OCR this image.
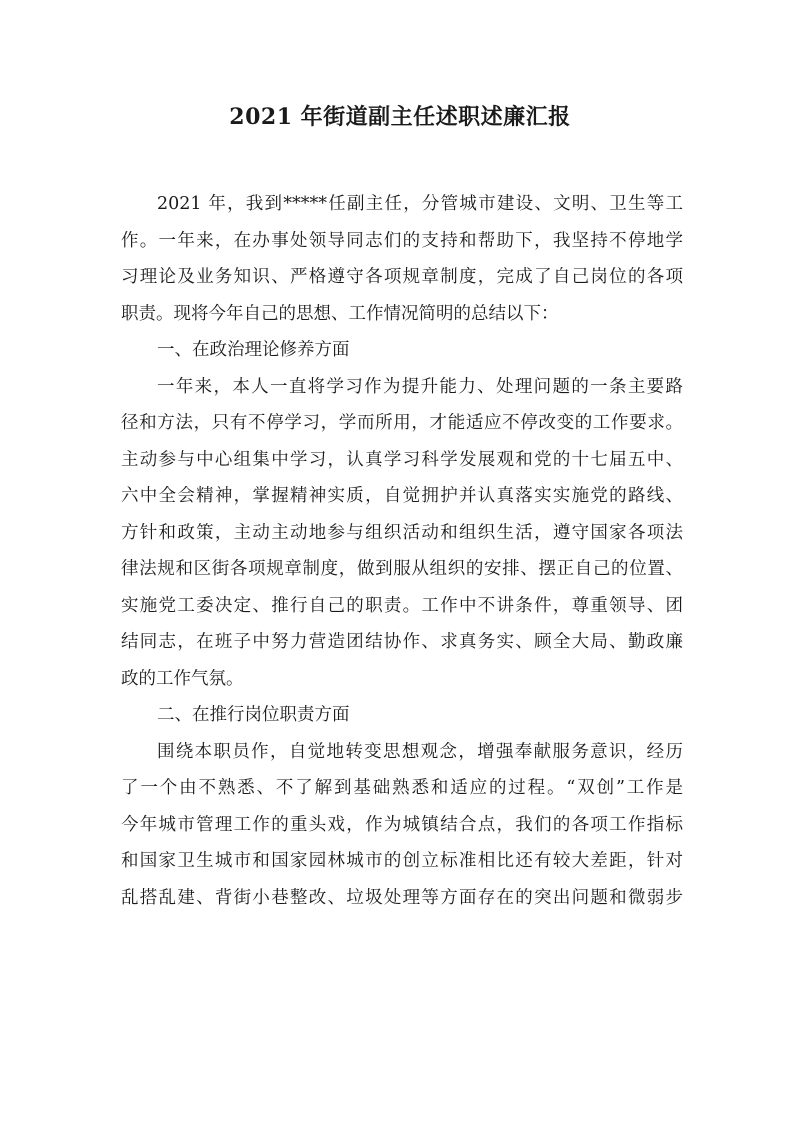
2021 年街道副主任述职述廉汇报
2021 年，我到*****任副主任，分管城市建设、文明、卫生等工
作。一年来，在办事处领导同志们的支持和帮助下，我坚持不停地学
习理论及业务知识、严格遵守各项规章制度，完成了自己岗位的各项
职责。现将今年自己的思想、工作情况简明的总结以下：
一、在政治理论修养方面
一年来，本人一直将学习作为提升能力、处理问题的一条主要路
径和方法，只有不停学习，学而所用，才能适应不停改变的工作要求。
主动参与中心组集中学习，认真学习科学发展观和党的十七届五中、
六中全会精神，掌握精神实质，自觉拥护并认真落实实施党的路线、
方针和政策，主动主动地参与组织活动和组织生活，遵守国家各项法
律法规和区街各项规章制度，做到服从组织的安排、摆正自己的位置、
实施党工委决定、推行自己的职责。工作中不讲条件，尊重领导、团
结同志，在班子中努力营造团结协作、求真务实、顾全大局、勤政廉
政的工作气氛。
二、在推行岗位职责方面
围绕本职员作，自觉地转变思想观念，增强奉献服务意识，经历
了一个由不熟悉、不了解到基础熟悉和适应的过程。“双创”工作是
今年城市管理工作的重头戏，作为城镇结合点，我们的各项工作指标
和国家卫生城市和国家园林城市的创立标准相比还有较大差距，针对
乱搭乱建、背街小巷整改、垃圾处理等方面存在的突出问题和微弱步
